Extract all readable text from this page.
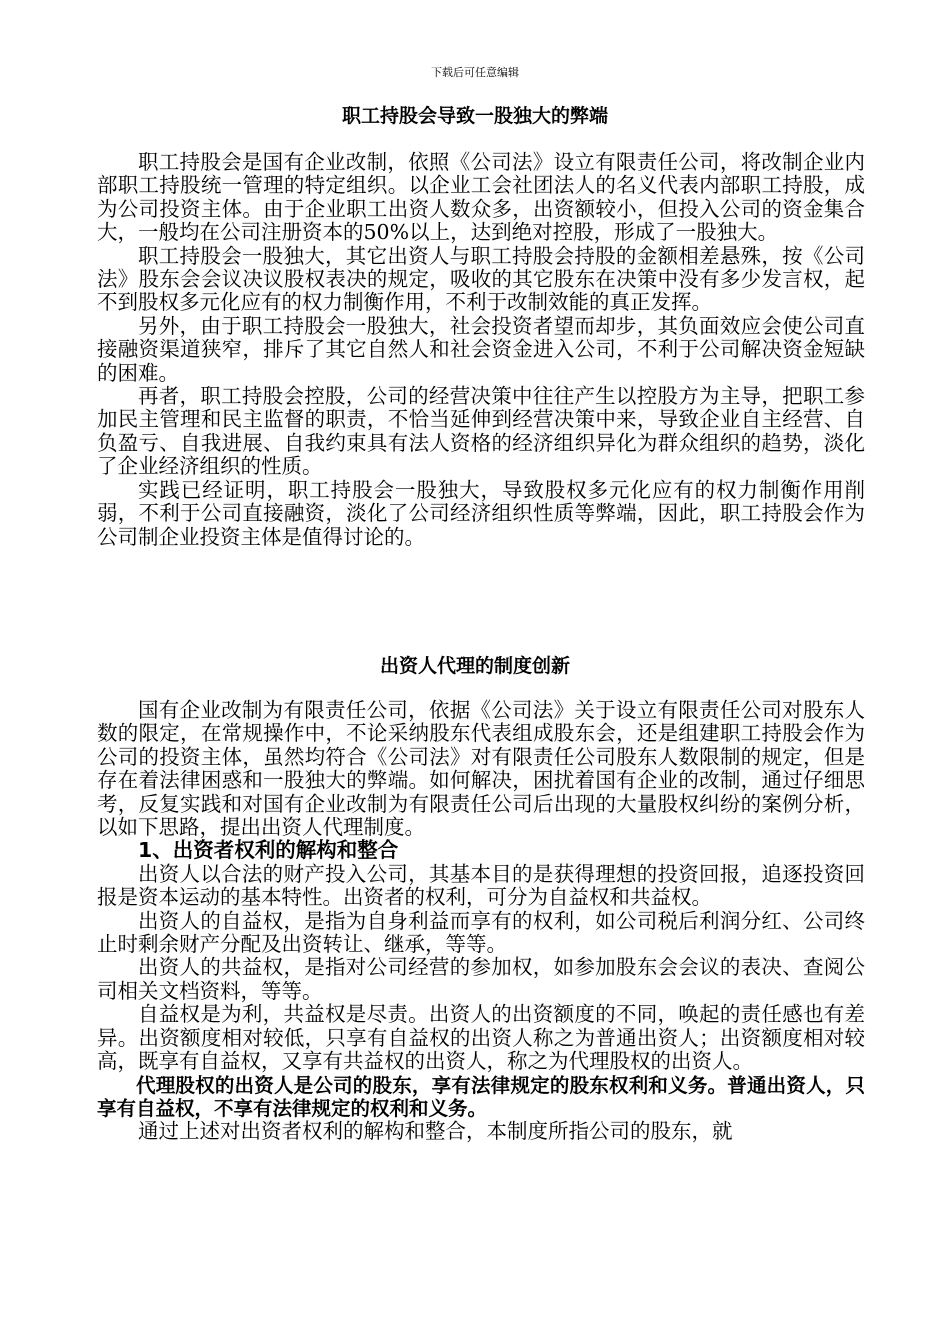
下载后可任意编辑
职工持股会导致一股独大的弊端

职工持股会是国有企业改制，依照《公司法》设立有限责任公司，将改制企业内部职工持股统一管理的特定组织。以企业工会社团法人的名义代表内部职工持股，成为公司投资主体。由于企业职工出资人数众多，出资额较小，但投入公司的资金集合大，一般均在公司注册资本的50%以上，达到绝对控股，形成了一股独大。

职工持股会一股独大，其它出资人与职工持股会持股的金额相差悬殊，按《公司法》股东会会议决议股权表决的规定，吸收的其它股东在决策中没有多少发言权，起不到股权多元化应有的权力制衡作用，不利于改制效能的真正发挥。

另外，由于职工持股会一股独大，社会投资者望而却步，其负面效应会使公司直接融资渠道狭窄，排斥了其它自然人和社会资金进入公司，不利于公司解决资金短缺的困难。

再者，职工持股会控股，公司的经营决策中往往产生以控股方为主导，把职工参加民主管理和民主监督的职责，不恰当延伸到经营决策中来，导致企业自主经营、自负盈亏、自我进展、自我约束具有法人资格的经济组织异化为群众组织的趋势，淡化了企业经济组织的性质。

实践已经证明，职工持股会一股独大，导致股权多元化应有的权力制衡作用削弱，不利于公司直接融资，淡化了公司经济组织性质等弊端，因此，职工持股会作为公司制企业投资主体是值得讨论的。

出资人代理的制度创新

国有企业改制为有限责任公司，依据《公司法》关于设立有限责任公司对股东人数的限定，在常规操作中，不论采纳股东代表组成股东会，还是组建职工持股会作为公司的投资主体，虽然均符合《公司法》对有限责任公司股东人数限制的规定，但是存在着法律困惑和一股独大的弊端。如何解决，困扰着国有企业的改制，通过仔细思考，反复实践和对国有企业改制为有限责任公司后出现的大量股权纠纷的案例分析，以如下思路，提出出资人代理制度。

1、出资者权利的解构和整合

出资人以合法的财产投入公司，其基本目的是获得理想的投资回报，追逐投资回报是资本运动的基本特性。出资者的权利，可分为自益权和共益权。

出资人的自益权，是指为自身利益而享有的权利，如公司税后利润分红、公司终止时剩余财产分配及出资转让、继承，等等。

出资人的共益权，是指对公司经营的参加权，如参加股东会会议的表决、查阅公司相关文档资料，等等。

自益权是为利，共益权是尽责。出资人的出资额度的不同，唤起的责任感也有差异。出资额度相对较低，只享有自益权的出资人称之为普通出资人；出资额度相对较高，既享有自益权，又享有共益权的出资人，称之为代理股权的出资人。

代理股权的出资人是公司的股东，享有法律规定的股东权利和义务。普通出资人，只享有自益权，不享有法律规定的权利和义务。

通过上述对出资者权利的解构和整合，本制度所指公司的股东，就
